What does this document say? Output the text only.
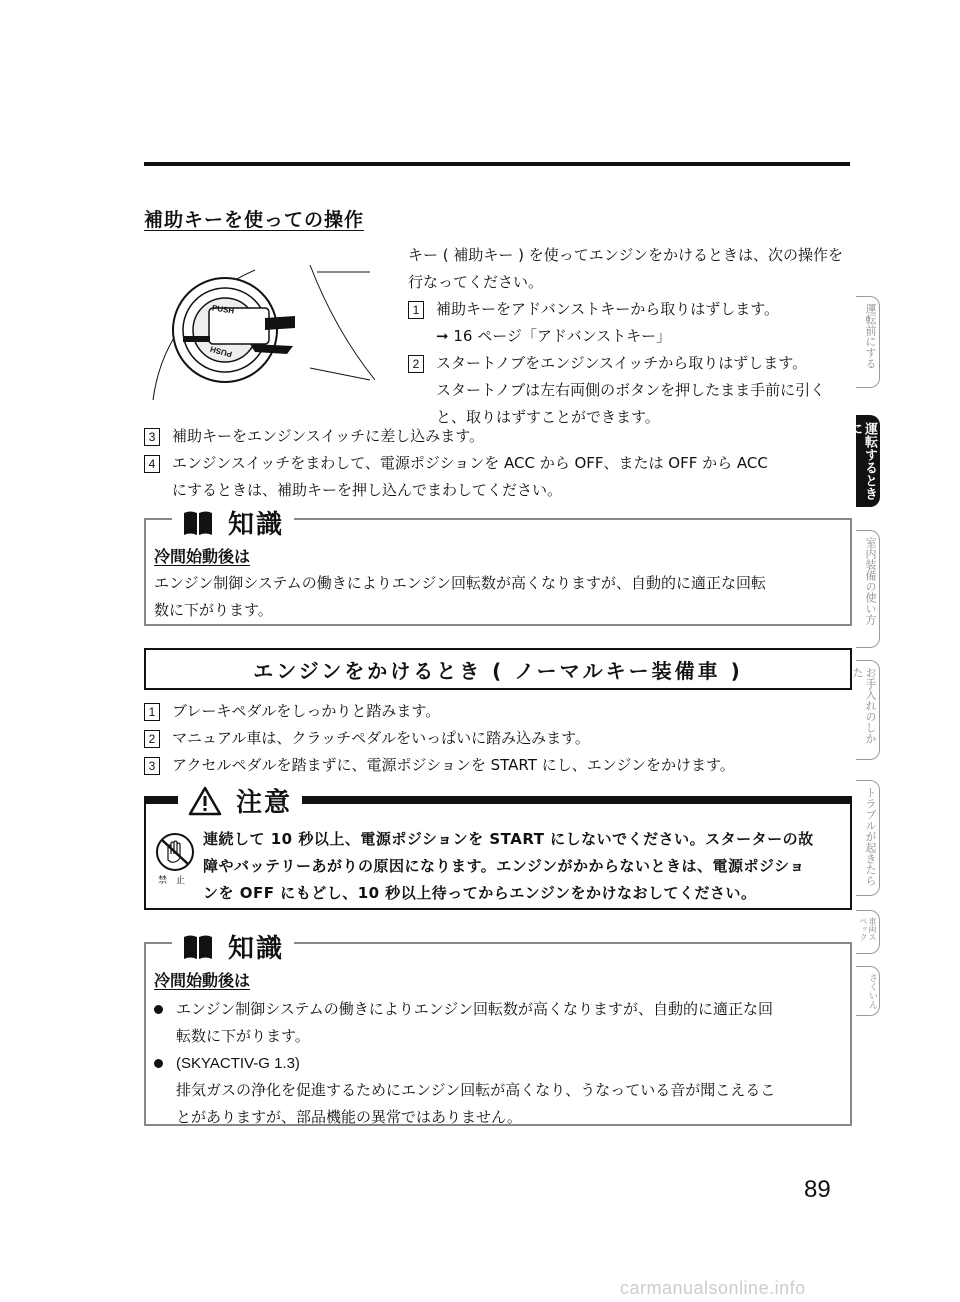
補助キーを使っての操作
PUSH
PUSH
キー ( 補助キー ) を使ってエンジンをかけるときは、次の操作を行なってください。
1	補助キーをアドバンストキーから取りはずします。
➞ 16 ページ「アドバンストキー」
2	スタートノブをエンジンスイッチから取りはずします。
スタートノブは左右両側のボタンを押したまま手前に引くと、取りはずすことができます。
3	補助キーをエンジンスイッチに差し込みます。
4	エンジンスイッチをまわして、電源ポジションを ACC から OFF、または OFF から ACC
にするときは、補助キーを押し込んでまわしてください。
冷間始動後は
エンジン制御システムの働きによりエンジン回転数が高くなりますが、自動的に適正な回転
数に下がります。
知識
エンジンをかけるとき ( ノーマルキー装備車 )
1	ブレーキペダルをしっかりと踏みます。
2	マニュアル車は、クラッチペダルをいっぱいに踏み込みます。
3	アクセルペダルを踏まずに、電源ポジションを START にし、エンジンをかけます。
注意
禁　止
連続して 10 秒以上、電源ポジションを START にしないでください。スターターの故
障やバッテリーあがりの原因になります。エンジンがかからないときは、電源ポジショ
ンを OFF にもどし、10 秒以上待ってからエンジンをかけなおしてください。
冷間始動後は
エンジン制御システムの働きによりエンジン回転数が高くなりますが、自動的に適正な回
転数に下がります。
(SKYACTIV-G 1.3)
排気ガスの浄化を促進するためにエンジン回転が高くなり、うなっている音が聞こえるこ
とがありますが、部品機能の異常ではありません。
知識
運転前にする
運転するときに
室内装備の使い方
お手入れのしかた
トラブルが起きたら
車両スペック
さくいん
89
carmanualsonline.info
